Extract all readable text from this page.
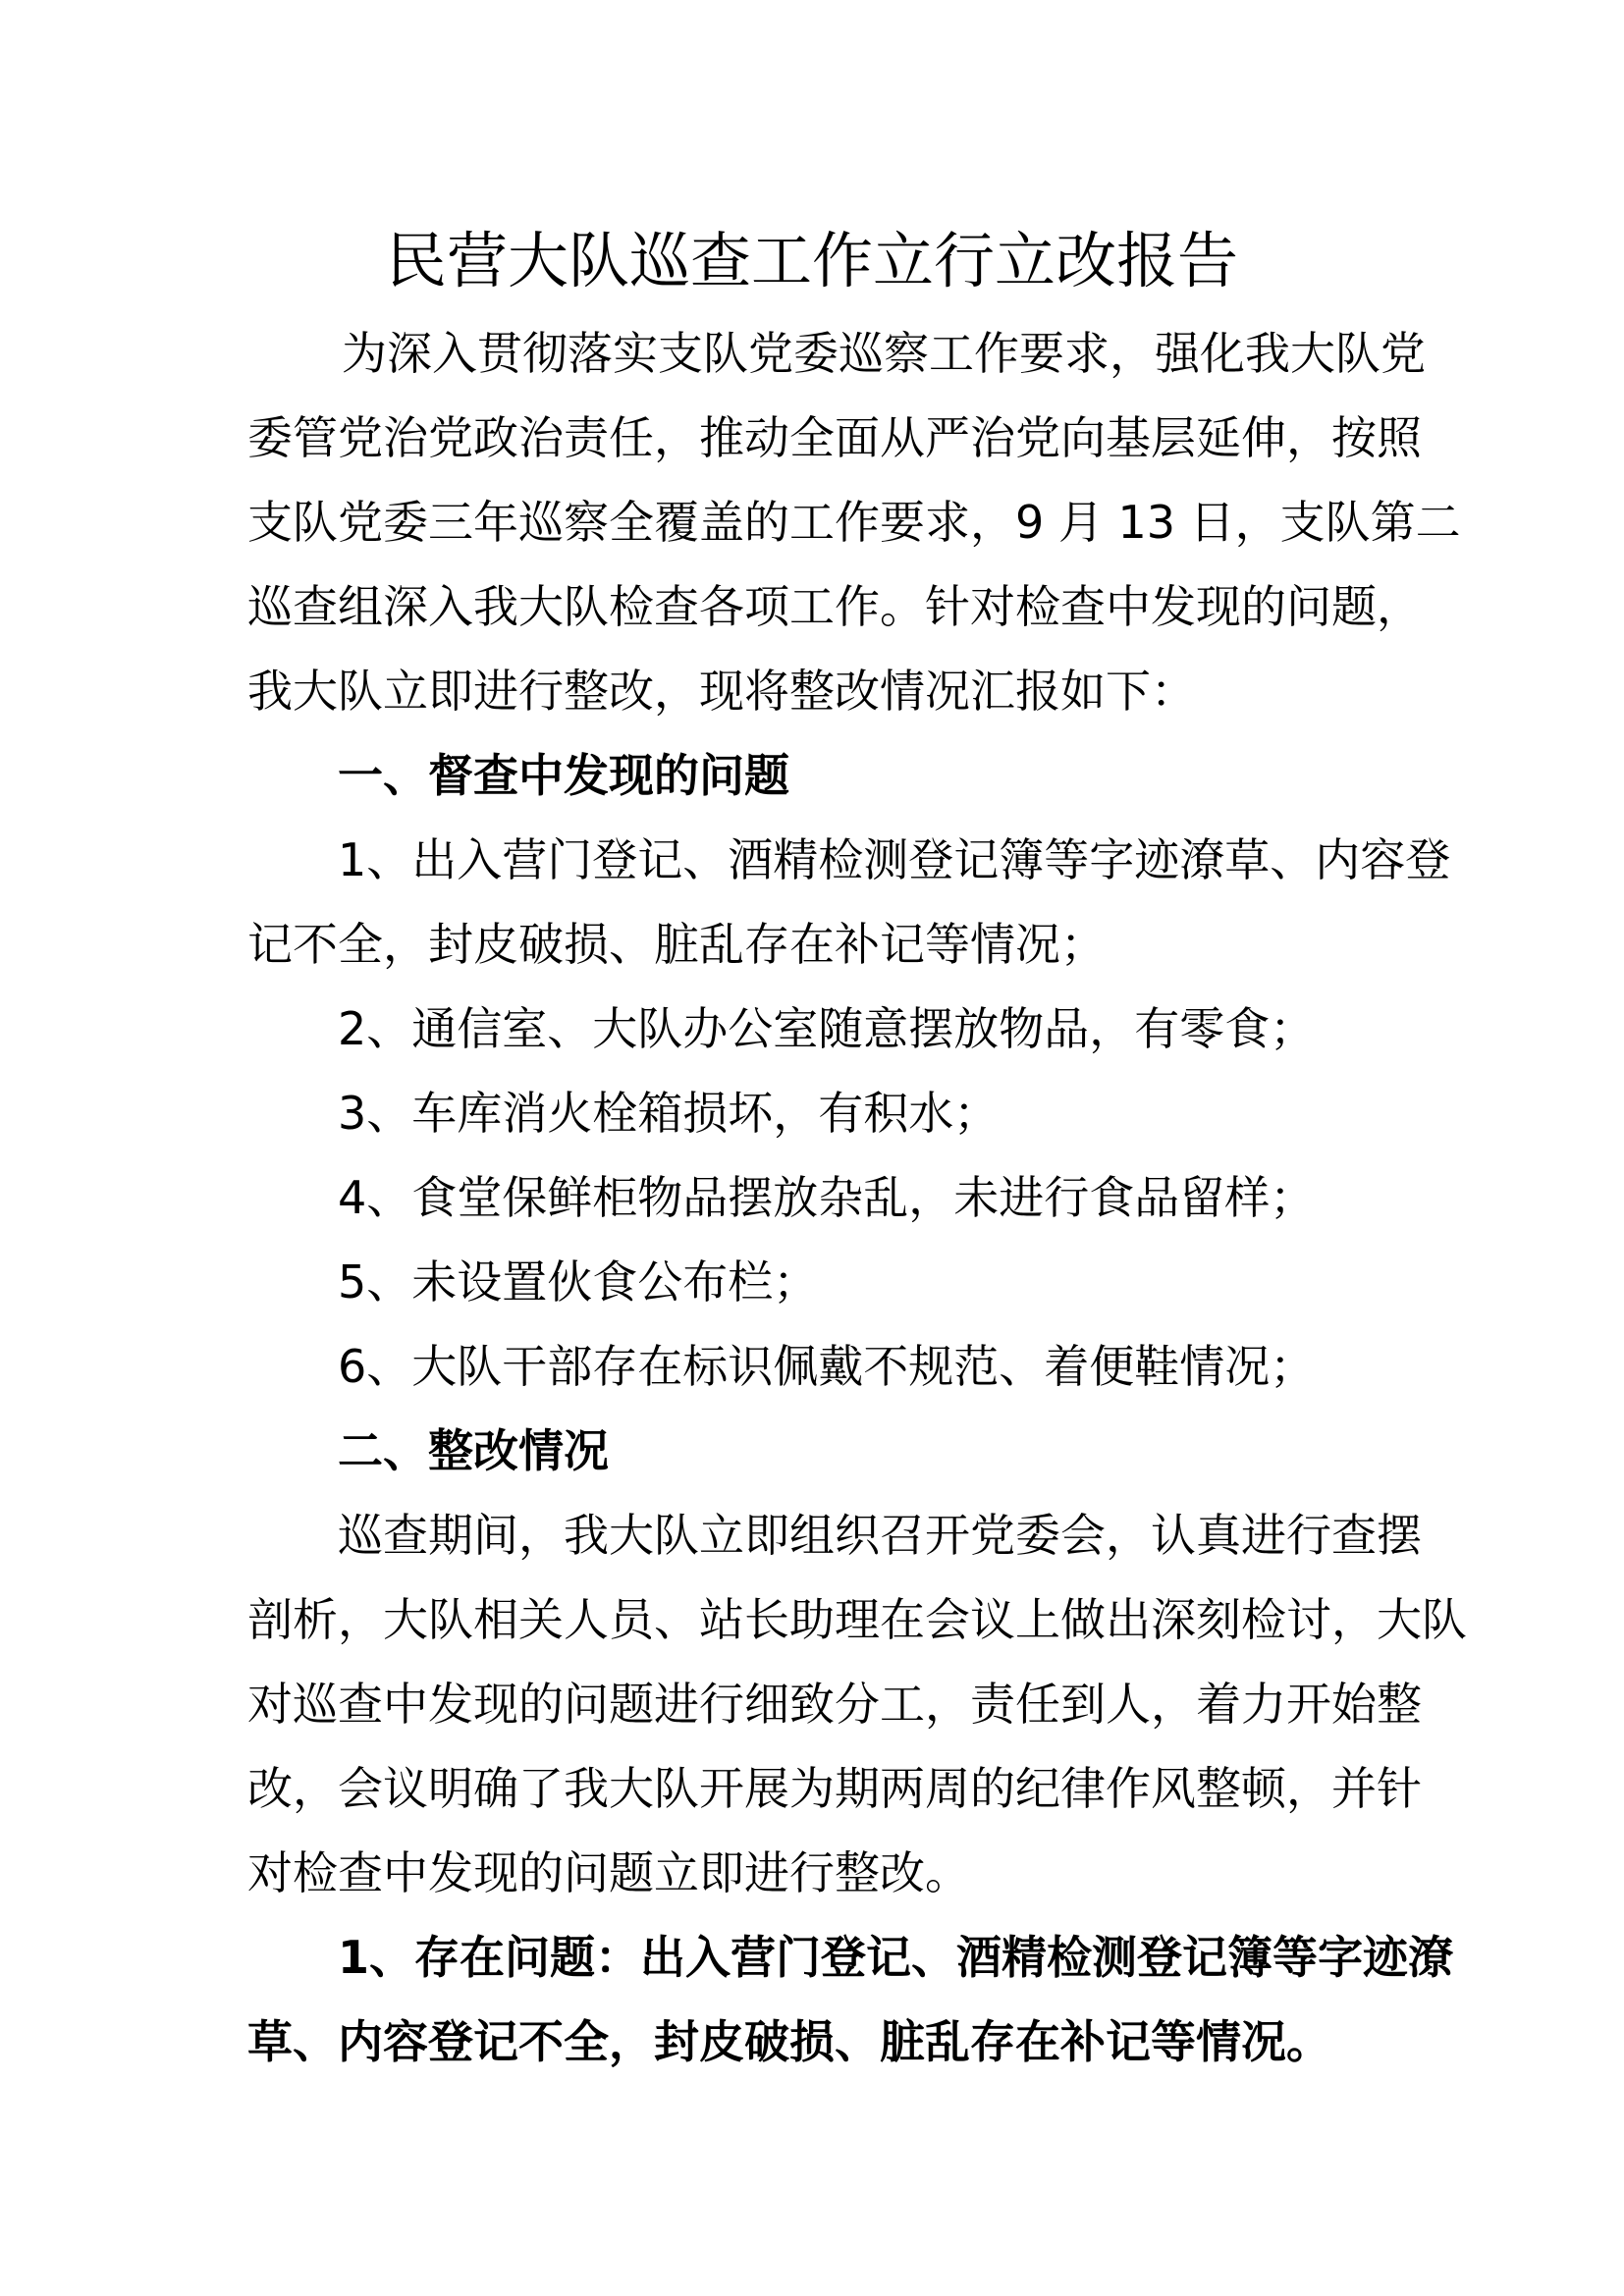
民营大队巡查工作立行立改报告
为深入贯彻落实支队党委巡察工作要求，强化我大队党
委管党治党政治责任，推动全面从严治党向基层延伸，按照
支队党委三年巡察全覆盖的工作要求，9 月 13 日，支队第二
巡查组深入我大队检查各项工作。针对检查中发现的问题，
我大队立即进行整改，现将整改情况汇报如下：
一、督查中发现的问题
1、出入营门登记、酒精检测登记簿等字迹潦草、内容登
记不全，封皮破损、脏乱存在补记等情况；
2、通信室、大队办公室随意摆放物品，有零食；
3、车库消火栓箱损坏，有积水；
4、食堂保鲜柜物品摆放杂乱，未进行食品留样；
5、未设置伙食公布栏；
6、大队干部存在标识佩戴不规范、着便鞋情况；
二、整改情况
巡查期间，我大队立即组织召开党委会，认真进行查摆
剖析，大队相关人员、站长助理在会议上做出深刻检讨，大队
对巡查中发现的问题进行细致分工，责任到人，着力开始整
改，会议明确了我大队开展为期两周的纪律作风整顿，并针
对检查中发现的问题立即进行整改。
1、存在问题：出入营门登记、酒精检测登记簿等字迹潦
草、内容登记不全，封皮破损、脏乱存在补记等情况。
